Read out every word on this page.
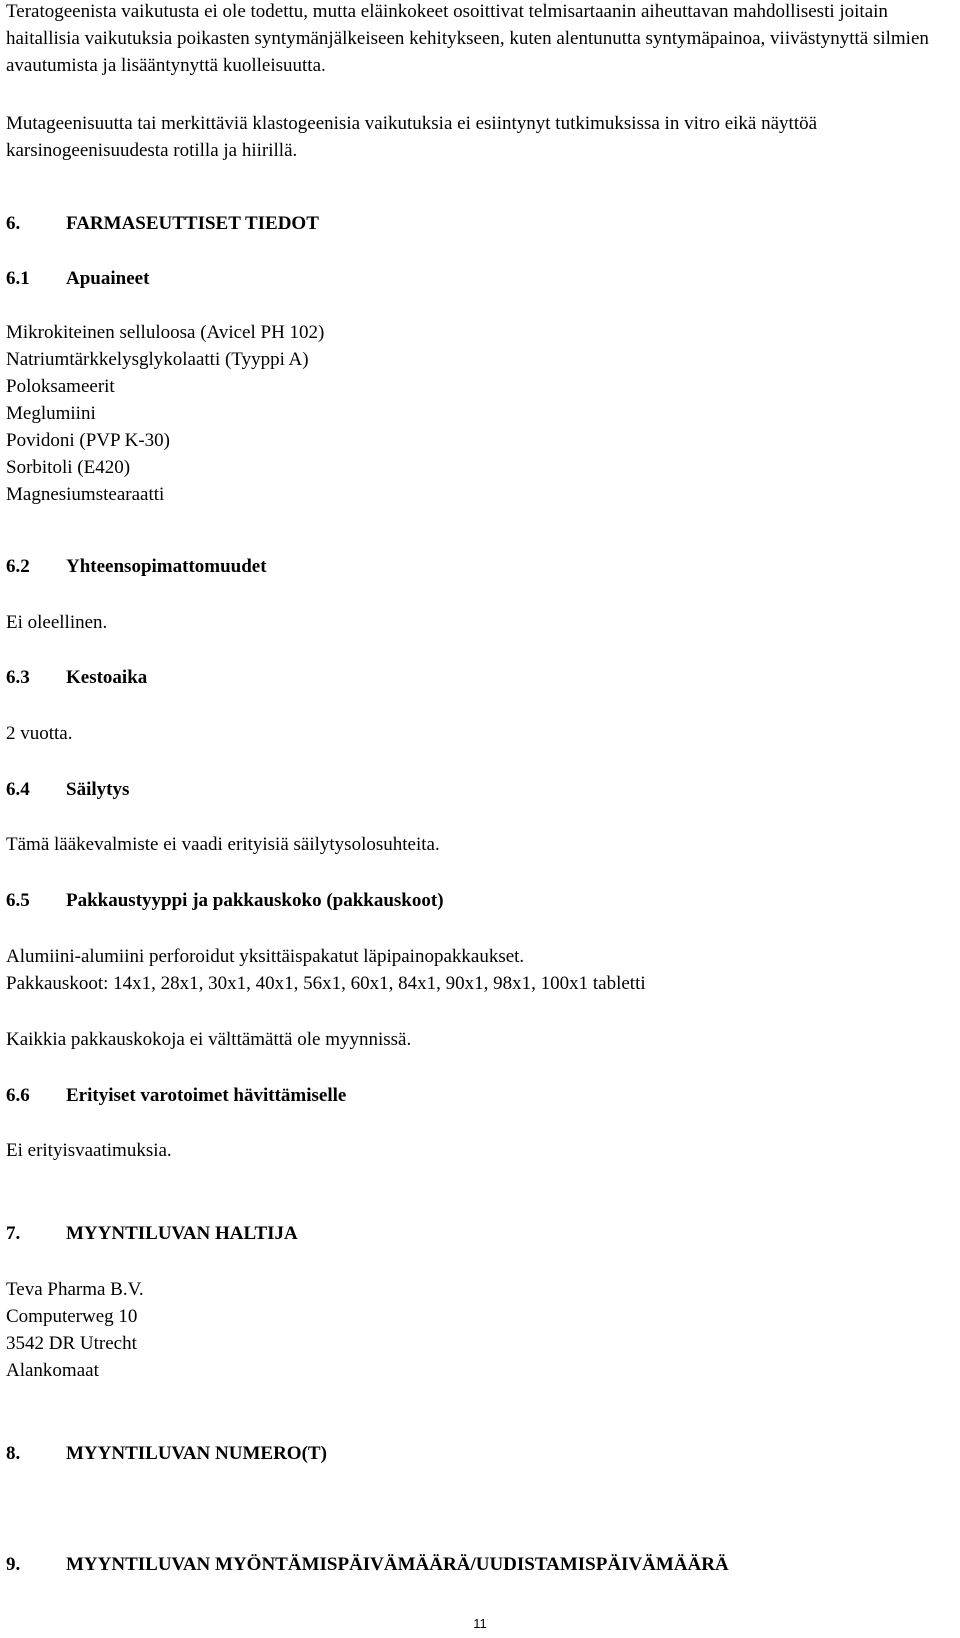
Teratogeenista vaikutusta ei ole todettu, mutta eläinkokeet osoittivat telmisartaanin aiheuttavan mahdollisesti joitain haitallisia vaikutuksia poikasten syntymänjälkeiseen kehitykseen, kuten alentunutta syntymäpainoa, viivästynyttä silmien avautumista ja lisääntynyttä kuolleisuutta.

Mutageenisuutta tai merkittäviä klastogeenisia vaikutuksia ei esiintynyt tutkimuksissa in vitro eikä näyttöä karsinogeenisuudesta rotilla ja hiirillä.

6. FARMASEUTTISET TIEDOT

6.1 Apuaineet

Mikrokiteinen selluloosa (Avicel PH 102)
Natriumtärkkelysglykolaatti (Tyyppi A)
Poloksameerit
Meglumiini
Povidoni (PVP K-30)
Sorbitoli (E420)
Magnesiumstearaatti

6.2 Yhteensopimattomuudet

Ei oleellinen.

6.3 Kestoaika

2 vuotta.

6.4 Säilytys

Tämä lääkevalmiste ei vaadi erityisiä säilytysolosuhteita.

6.5 Pakkaustyyppi ja pakkauskoko (pakkauskoot)

Alumiini-alumiini perforoidut yksittäispakatut läpipainopakkaukset.
Pakkauskoot: 14x1, 28x1, 30x1, 40x1, 56x1, 60x1, 84x1, 90x1, 98x1, 100x1 tabletti

Kaikkia pakkauskokoja ei välttämättä ole myynnissä.

6.6 Erityiset varotoimet hävittämiselle

Ei erityisvaatimuksia.

7. MYYNTILUVAN HALTIJA

Teva Pharma B.V.
Computerweg 10
3542 DR Utrecht
Alankomaat

8. MYYNTILUVAN NUMERO(T)

9. MYYNTILUVAN MYÖNTÄMISPÄIVÄMÄÄRÄ/UUDISTAMISPÄIVÄMÄÄRÄ

11
